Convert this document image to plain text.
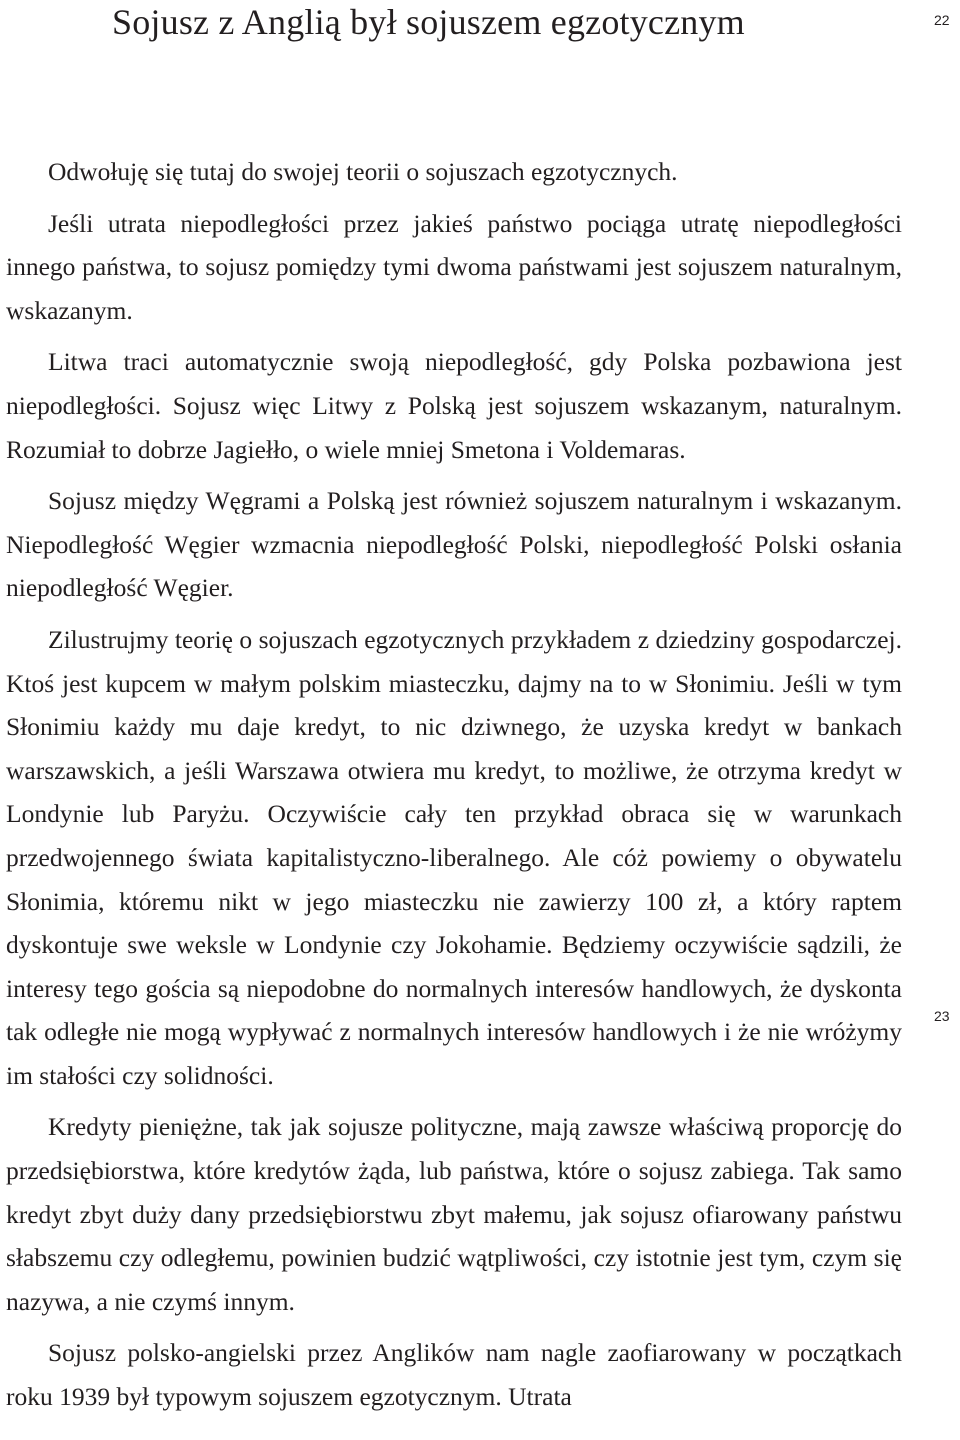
Sojusz z Anglią był sojuszem egzotycznym	22
23

Odwołuję się tutaj do swojej teorii o sojuszach egzotycznych.

Jeśli utrata niepodległości przez jakieś państwo pociąga utratę niepodległości innego państwa, to sojusz pomiędzy tymi dwoma państwami jest sojuszem naturalnym, wskazanym.

Litwa traci automatycznie swoją niepodległość, gdy Polska pozbawiona jest niepodległości. Sojusz więc Litwy z Polską jest sojuszem wskazanym, naturalnym. Rozumiał to dobrze Jagiełło, o wiele mniej Smetona i Voldemaras.

Sojusz między Węgrami a Polską jest również sojuszem naturalnym i wskazanym. Niepodległość Węgier wzmacnia niepodległość Polski, niepodległość Polski osłania niepodległość Węgier.

Zilustrujmy teorię o sojuszach egzotycznych przykładem z dziedziny gospodarczej. Ktoś jest kupcem w małym polskim miasteczku, dajmy na to w Słonimiu. Jeśli w tym Słonimiu każdy mu daje kredyt, to nic dziwnego, że uzyska kredyt w bankach warszawskich, a jeśli Warszawa otwiera mu kredyt, to możliwe, że otrzyma kredyt w Londynie lub Paryżu. Oczywiście cały ten przykład obraca się w warunkach przedwojennego świata kapitalistyczno-liberalnego. Ale cóż powiemy o obywatelu Słonimia, któremu nikt w jego miasteczku nie zawierzy 100 zł, a który raptem dyskontuje swe weksle w Londynie czy Jokohamie. Będziemy oczywiście sądzili, że interesy tego gościa są niepodobne do normalnych interesów handlowych, że dyskonta tak odległe nie mogą wypływać z normalnych interesów handlowych i że nie wróżymy im stałości czy solidności.

Kredyty pieniężne, tak jak sojusze polityczne, mają zawsze właściwą proporcję do przedsiębiorstwa, które kredytów żąda, lub państwa, które o sojusz zabiega. Tak samo kredyt zbyt duży dany przedsiębiorstwu zbyt małemu, jak sojusz ofiarowany państwu słabszemu czy odległemu, powinien budzić wątpliwości, czy istotnie jest tym, czym się nazywa, a nie czymś innym.

Sojusz polsko-angielski przez Anglików nam nagle zaofiarowany w początkach roku 1939 był typowym sojuszem egzotycznym. Utrata
